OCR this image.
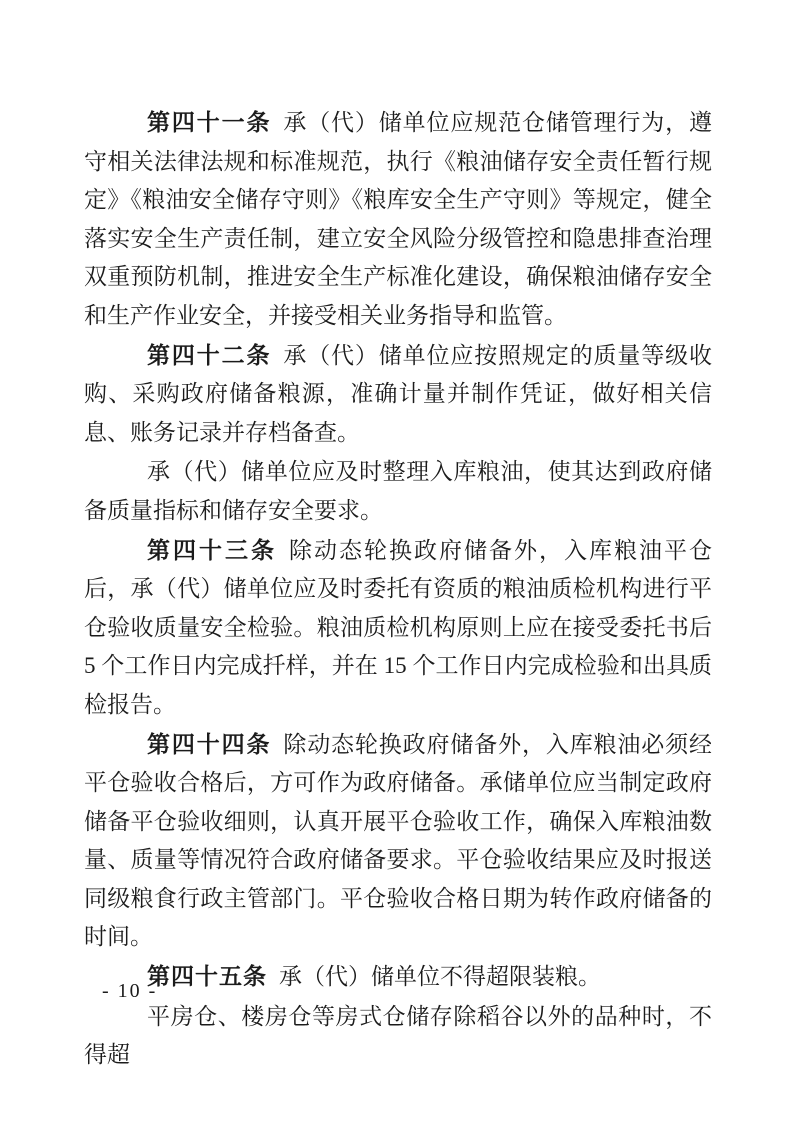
第四十一条 承（代）储单位应规范仓储管理行为，遵守相关法律法规和标准规范，执行《粮油储存安全责任暂行规定》《粮油安全储存守则》《粮库安全生产守则》等规定，健全落实安全生产责任制，建立安全风险分级管控和隐患排查治理双重预防机制，推进安全生产标准化建设，确保粮油储存安全和生产作业安全，并接受相关业务指导和监管。

第四十二条 承（代）储单位应按照规定的质量等级收购、采购政府储备粮源，准确计量并制作凭证，做好相关信息、账务记录并存档备查。

承（代）储单位应及时整理入库粮油，使其达到政府储备质量指标和储存安全要求。

第四十三条 除动态轮换政府储备外，入库粮油平仓后，承（代）储单位应及时委托有资质的粮油质检机构进行平仓验收质量安全检验。粮油质检机构原则上应在接受委托书后 5 个工作日内完成扦样，并在 15 个工作日内完成检验和出具质检报告。

第四十四条 除动态轮换政府储备外，入库粮油必须经平仓验收合格后，方可作为政府储备。承储单位应当制定政府储备平仓验收细则，认真开展平仓验收工作，确保入库粮油数量、质量等情况符合政府储备要求。平仓验收结果应及时报送同级粮食行政主管部门。平仓验收合格日期为转作政府储备的时间。

第四十五条 承（代）储单位不得超限装粮。

平房仓、楼房仓等房式仓储存除稻谷以外的品种时，不得超

- 10 -
